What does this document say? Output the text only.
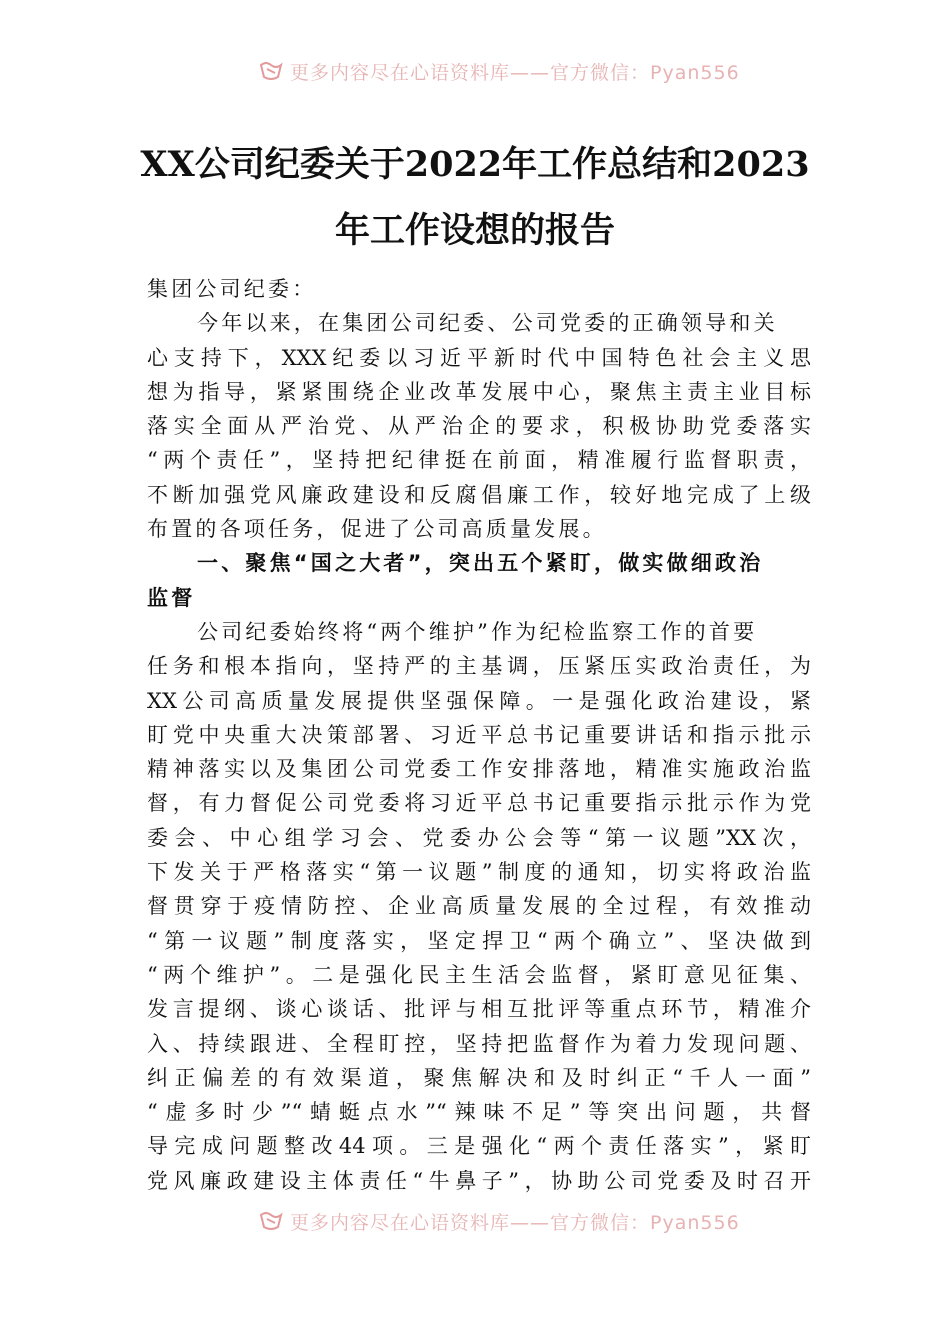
更多内容尽在心语资料库——官方微信：Pyan556
XX公司纪委关于2022年工作总结和2023
年工作设想的报告
集团公司纪委：
今年以来，在集团公司纪委、公司党委的正确领导和关
心支持下，XXX纪委以习近平新时代中国特色社会主义思
想为指导，紧紧围绕企业改革发展中心，聚焦主责主业目标
落实全面从严治党、从严治企的要求，积极协助党委落实
“两个责任”，坚持把纪律挺在前面，精准履行监督职责，
不断加强党风廉政建设和反腐倡廉工作，较好地完成了上级
布置的各项任务，促进了公司高质量发展。
一、聚焦“国之大者”，突出五个紧盯，做实做细政治
监督
公司纪委始终将“两个维护”作为纪检监察工作的首要
任务和根本指向，坚持严的主基调，压紧压实政治责任，为
XX公司高质量发展提供坚强保障。一是强化政治建设，紧
盯党中央重大决策部署、习近平总书记重要讲话和指示批示
精神落实以及集团公司党委工作安排落地，精准实施政治监
督，有力督促公司党委将习近平总书记重要指示批示作为党
委会、中心组学习会、党委办公会等“第一议题”XX次，
下发关于严格落实“第一议题”制度的通知，切实将政治监
督贯穿于疫情防控、企业高质量发展的全过程，有效推动
“第一议题”制度落实，坚定捍卫“两个确立”、坚决做到
“两个维护”。二是强化民主生活会监督，紧盯意见征集、
发言提纲、谈心谈话、批评与相互批评等重点环节，精准介
入、持续跟进、全程盯控，坚持把监督作为着力发现问题、
纠正偏差的有效渠道，聚焦解决和及时纠正“千人一面”
“虚多时少”“蜻蜓点水”“辣味不足”等突出问题，共督
导完成问题整改44项。三是强化“两个责任落实”，紧盯
党风廉政建设主体责任“牛鼻子”，协助公司党委及时召开
更多内容尽在心语资料库——官方微信：Pyan556
